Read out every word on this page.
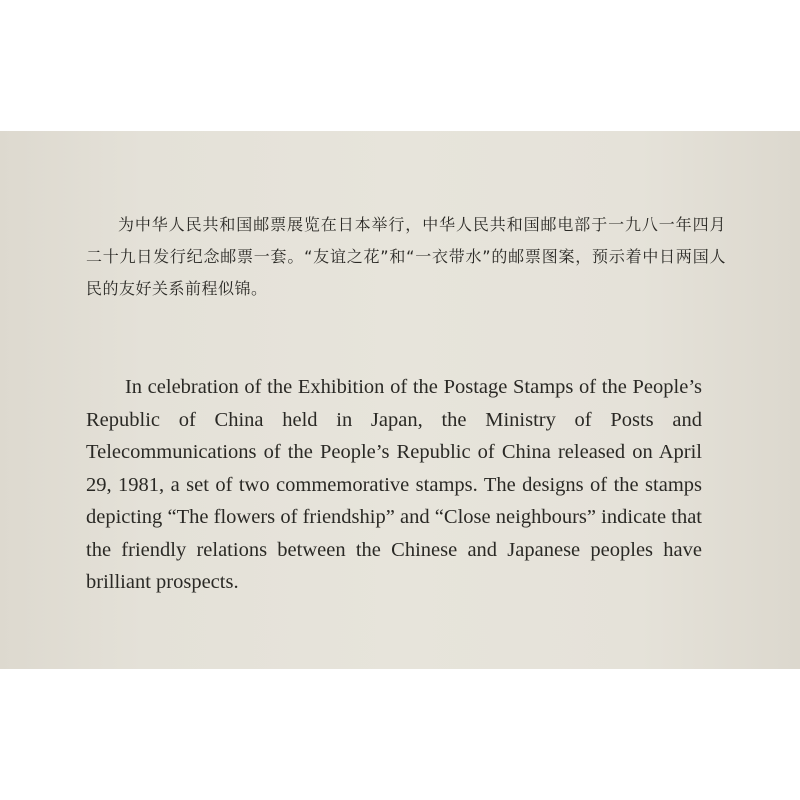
为中华人民共和国邮票展览在日本举行，中华人民共和国邮电部于一九八一年四月二十九日发行纪念邮票一套。“友谊之花”和“一衣带水”的邮票图案，预示着中日两国人民的友好关系前程似锦。

In celebration of the Exhibition of the Postage Stamps of the People’s Republic of China held in Japan, the Ministry of Posts and Telecommunications of the People’s Republic of China released on April 29, 1981, a set of two commemorative stamps. The designs of the stamps depicting “The flowers of friendship” and “Close neighbours” indicate that the friendly relations between the Chinese and Japanese peoples have brilliant prospects.
